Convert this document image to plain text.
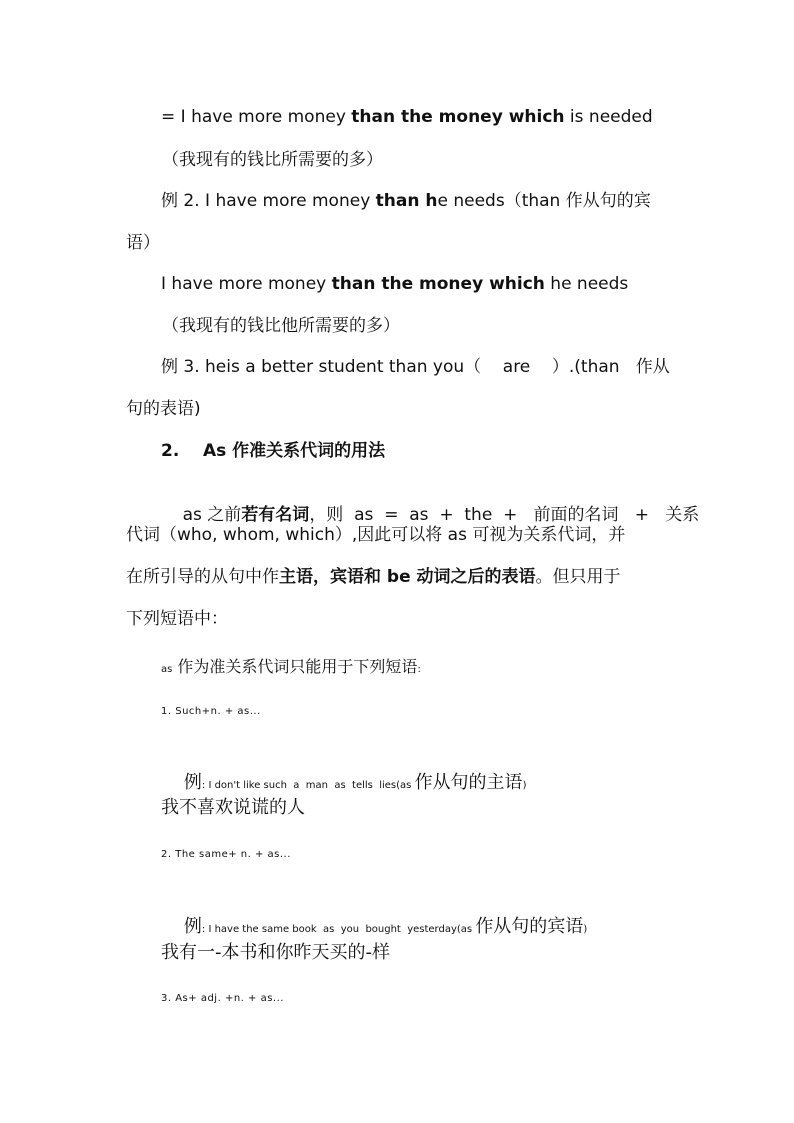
= I have more money than the money which is needed
（我现有的钱比所需要的多）
例 2. I have more money than he needs（than 作从句的宾
语）
I have more money than the money which he needs
（我现有的钱比他所需要的多）
例 3. heis a better student than you（    are    ）.(than   作从
句的表语)
2.    As 作准关系代词的用法

as 之前若有名词，则  as  =  as  +  the  +   前面的名词   +   关系

代词（who, whom, which）,因此可以将 as 可视为关系代词，并
在所引导的从句中作主语，宾语和 be 动词之后的表语。但只用于
下列短语中：
as 作为准关系代词只能用于下列短语:
1. Such+n. + as...

例: I don't like such  a  man  as  tells  lies(as 作从句的主语)

我不喜欢说谎的人
2. The same+ n. + as...

例: I have the same book  as  you  bought  yesterday(as 作从句的宾语)

我有一-本书和你昨天买的-样
3. As+ adj. +n. + as...
